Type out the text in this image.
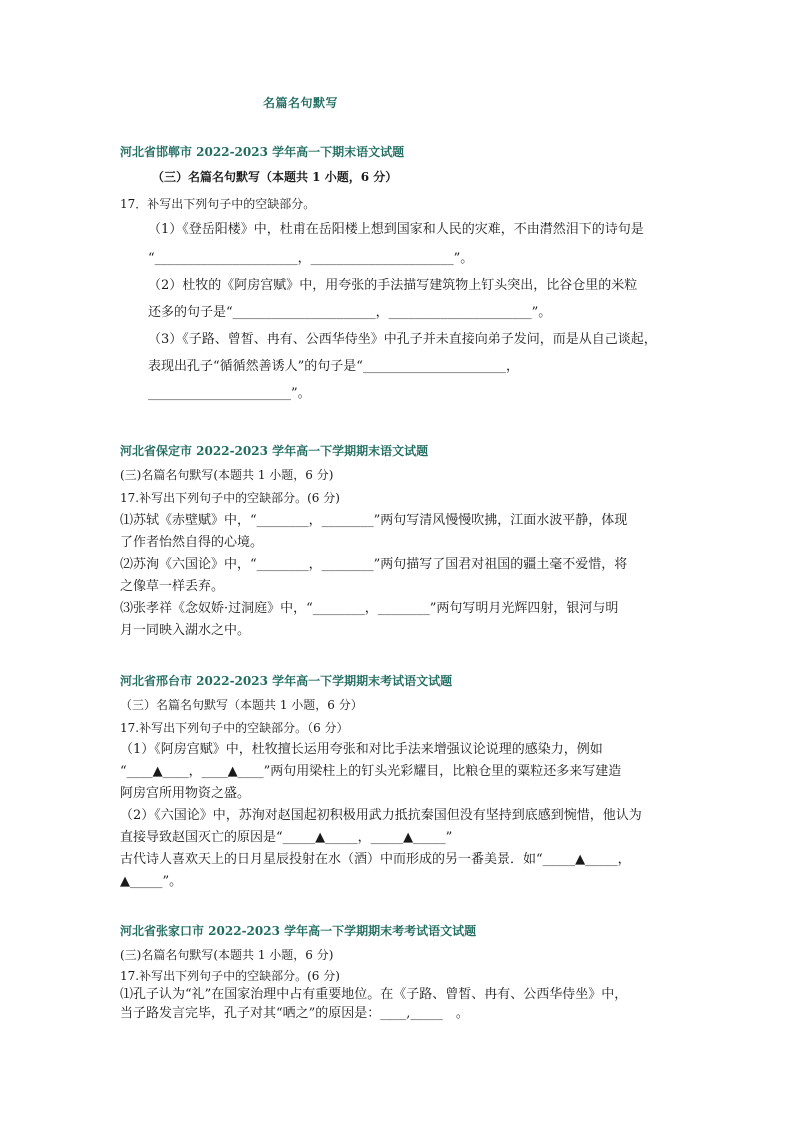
名篇名句默写
河北省邯郸市 2022-2023 学年高一下期末语文试题
（三）名篇名句默写（本题共 1 小题，6 分）
17．补写出下列句子中的空缺部分。
（1）《登岳阳楼》中，杜甫在岳阳楼上想到国家和人民的灾难，不由潸然泪下的诗句是
“______________________，______________________”。
（2）杜牧的《阿房宫赋》中，用夸张的手法描写建筑物上钉头突出，比谷仓里的米粒
还多的句子是“______________________，______________________”。
（3）《子路、曾皙、冉有、公西华侍坐》中孔子并未直接向弟子发问，而是从自己谈起，
表现出孔子“循循然善诱人”的句子是“______________________，
______________________”。
河北省保定市 2022-2023 学年高一下学期期末语文试题
(三)名篇名句默写(本题共 1 小题，6 分)
17.补写出下列句子中的空缺部分。(6 分)
⑴苏轼《赤壁赋》中，“________，________”两句写清风慢慢吹拂，江面水波平静，体现
了作者怡然自得的心境。
⑵苏洵《六国论》中，“________，________”两句描写了国君对祖国的疆土毫不爱惜，将
之像草一样丢弃。
⑶张孝祥《念奴娇·过洞庭》中，“________，________”两句写明月光辉四射，银河与明
月一同映入湖水之中。
河北省邢台市 2022-2023 学年高一下学期期末考试语文试题
（三）名篇名句默写（本题共 1 小题，6 分）
17.补写出下列句子中的空缺部分。（6 分）
（1）《阿房宫赋》中，杜牧擅长运用夸张和对比手法来增强议论说理的感染力，例如
“____▲____，____▲____”两句用梁柱上的钉头光彩耀目，比粮仓里的粟粒还多来写建造
阿房宫所用物资之盛。
（2）《六国论》中，苏洵对赵国起初积极用武力抵抗秦国但没有坚持到底感到惋惜，他认为
直接导致赵国灭亡的原因是“_____▲_____，_____▲_____”
古代诗人喜欢天上的日月星辰投射在水（酒）中而形成的另一番美景．如“_____▲_____，
▲_____”。
河北省张家口市 2022-2023 学年高一下学期期末考考试语文试题
(三)名篇名句默写(本题共 1 小题，6 分)
17.补写出下列句子中的空缺部分。(6 分)
⑴孔子认为“礼”在国家治理中占有重要地位。在《子路、曾皙、冉有、公西华侍坐》中，
当子路发言完毕，孔子对其“哂之”的原因是：____,_____　。
